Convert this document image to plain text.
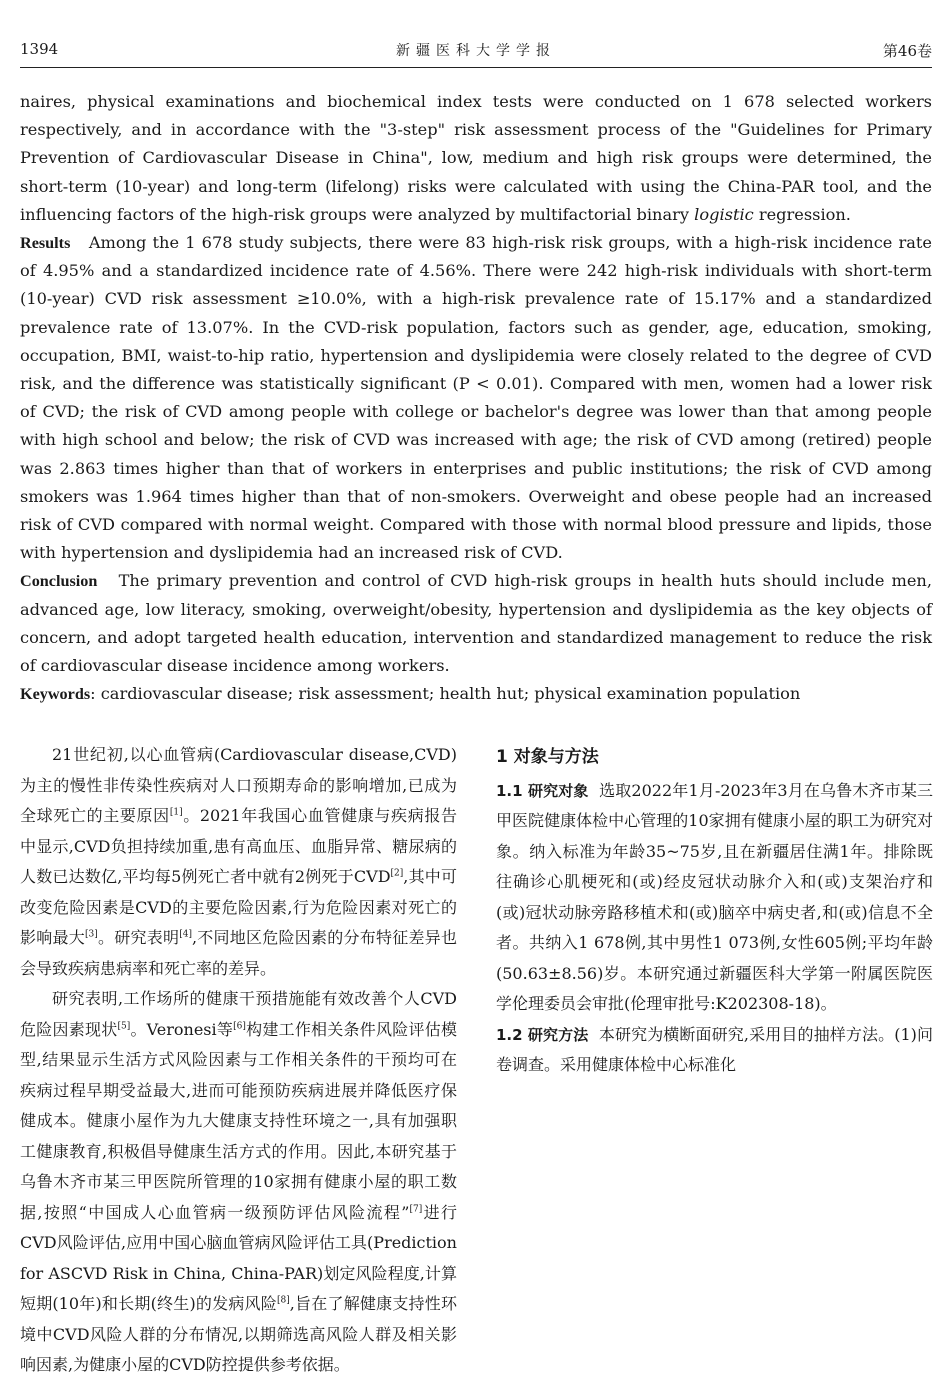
1394	新疆医科大学学报	第46卷

naires, physical examinations and biochemical index tests were conducted on 1 678 selected workers respectively, and in accordance with the "3-step" risk assessment process of the "Guidelines for Primary Prevention of Cardiovascular Disease in China", low, medium and high risk groups were determined, the short-term (10-year) and long-term (lifelong) risks were calculated with using the China-PAR tool, and the influencing factors of the high-risk groups were analyzed by multifactorial binary logistic regression.

Results Among the 1 678 study subjects, there were 83 high-risk risk groups, with a high-risk incidence rate of 4.95% and a standardized incidence rate of 4.56%. There were 242 high-risk individuals with short-term (10-year) CVD risk assessment ≥10.0%, with a high-risk prevalence rate of 15.17% and a standardized prevalence rate of 13.07%. In the CVD-risk population, factors such as gender, age, education, smoking, occupation, BMI, waist-to-hip ratio, hypertension and dyslipidemia were closely related to the degree of CVD risk, and the difference was statistically significant (P < 0.01). Compared with men, women had a lower risk of CVD; the risk of CVD among people with college or bachelor's degree was lower than that among people with high school and below; the risk of CVD was increased with age; the risk of CVD among (retired) people was 2.863 times higher than that of workers in enterprises and public institutions; the risk of CVD among smokers was 1.964 times higher than that of non-smokers. Overweight and obese people had an increased risk of CVD compared with normal weight. Compared with those with normal blood pressure and lipids, those with hypertension and dyslipidemia had an increased risk of CVD.

Conclusion The primary prevention and control of CVD high-risk groups in health huts should include men, advanced age, low literacy, smoking, overweight/obesity, hypertension and dyslipidemia as the key objects of concern, and adopt targeted health education, intervention and standardized management to reduce the risk of cardiovascular disease incidence among workers.

Keywords: cardiovascular disease; risk assessment; health hut; physical examination population

21世纪初,以心血管病(Cardiovascular disease,CVD)为主的慢性非传染性疾病对人口预期寿命的影响增加,已成为全球死亡的主要原因[1]。2021年我国心血管健康与疾病报告中显示,CVD负担持续加重,患有高血压、血脂异常、糖尿病的人数已达数亿,平均每5例死亡者中就有2例死于CVD[2],其中可改变危险因素是CVD的主要危险因素,行为危险因素对死亡的影响最大[3]。研究表明[4],不同地区危险因素的分布特征差异也会导致疾病患病率和死亡率的差异。

研究表明,工作场所的健康干预措施能有效改善个人CVD危险因素现状[5]。Veronesi等[6]构建工作相关条件风险评估模型,结果显示生活方式风险因素与工作相关条件的干预均可在疾病过程早期受益最大,进而可能预防疾病进展并降低医疗保健成本。健康小屋作为九大健康支持性环境之一,具有加强职工健康教育,积极倡导健康生活方式的作用。因此,本研究基于乌鲁木齐市某三甲医院所管理的10家拥有健康小屋的职工数据,按照“中国成人心血管病一级预防评估风险流程”[7]进行CVD风险评估,应用中国心脑血管病风险评估工具(Prediction for ASCVD Risk in China, China-PAR)划定风险程度,计算短期(10年)和长期(终生)的发病风险[8],旨在了解健康支持性环境中CVD风险人群的分布情况,以期筛选高风险人群及相关影响因素,为健康小屋的CVD防控提供参考依据。

1 对象与方法

1.1 研究对象 选取2022年1月-2023年3月在乌鲁木齐市某三甲医院健康体检中心管理的10家拥有健康小屋的职工为研究对象。纳入标准为年龄35~75岁,且在新疆居住满1年。排除既往确诊心肌梗死和(或)经皮冠状动脉介入和(或)支架治疗和(或)冠状动脉旁路移植术和(或)脑卒中病史者,和(或)信息不全者。共纳入1 678例,其中男性1 073例,女性605例;平均年龄(50.63±8.56)岁。本研究通过新疆医科大学第一附属医院医学伦理委员会审批(伦理审批号:K202308-18)。

1.2 研究方法 本研究为横断面研究,采用目的抽样方法。(1)问卷调查。采用健康体检中心标准化
